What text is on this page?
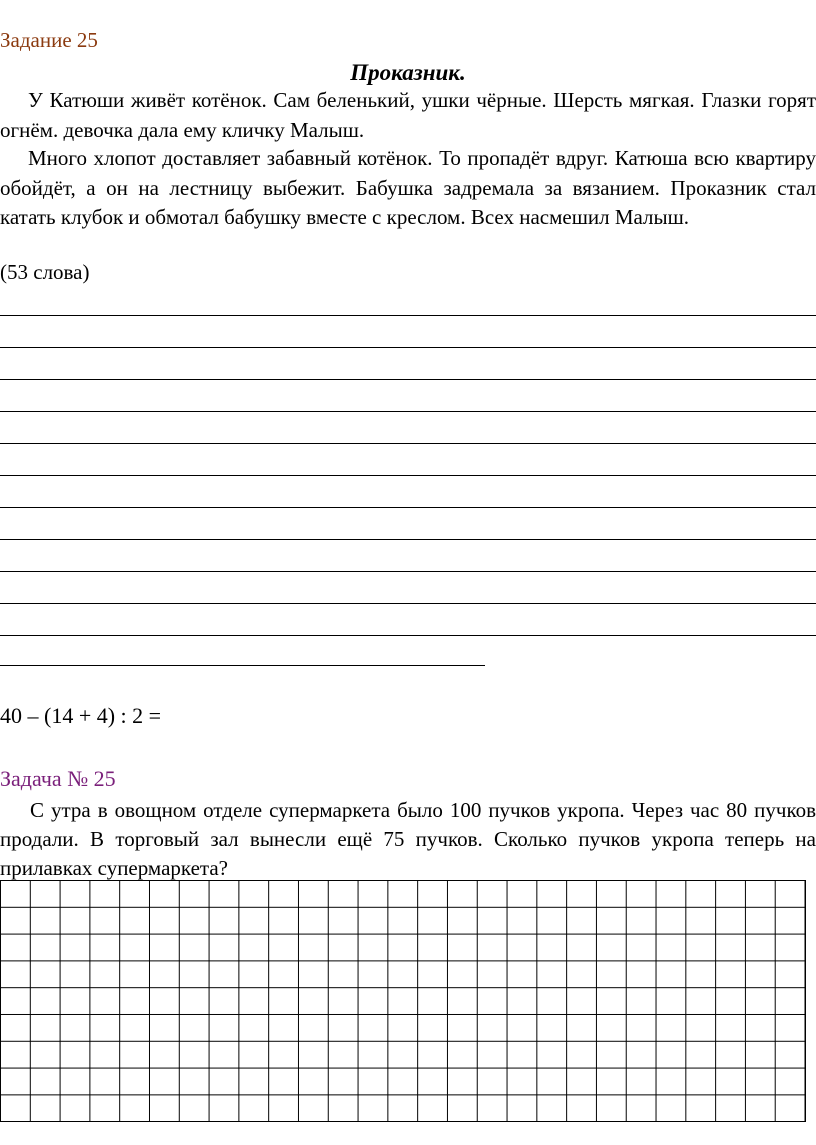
Задание 25
Проказник.

У Катюши живёт котёнок. Сам беленький, ушки чёрные. Шерсть мягкая. Глазки горят огнём. девочка дала ему кличку Малыш.

Много хлопот доставляет забавный котёнок. То пропадёт вдруг. Катюша всю квартиру обойдёт, а он на лестницу выбежит. Бабушка задремала за вязанием. Проказник стал катать клубок и обмотал бабушку вместе с креслом. Всех насмешил Малыш.

(53 слова)
40 – (14 + 4) : 2 =
Задача № 25

С утра в овощном отделе супермаркета было 100 пучков укропа. Через час 80 пучков продали. В торговый зал вынесли ещё 75 пучков. Сколько пучков укропа теперь на прилавках супермаркета?
